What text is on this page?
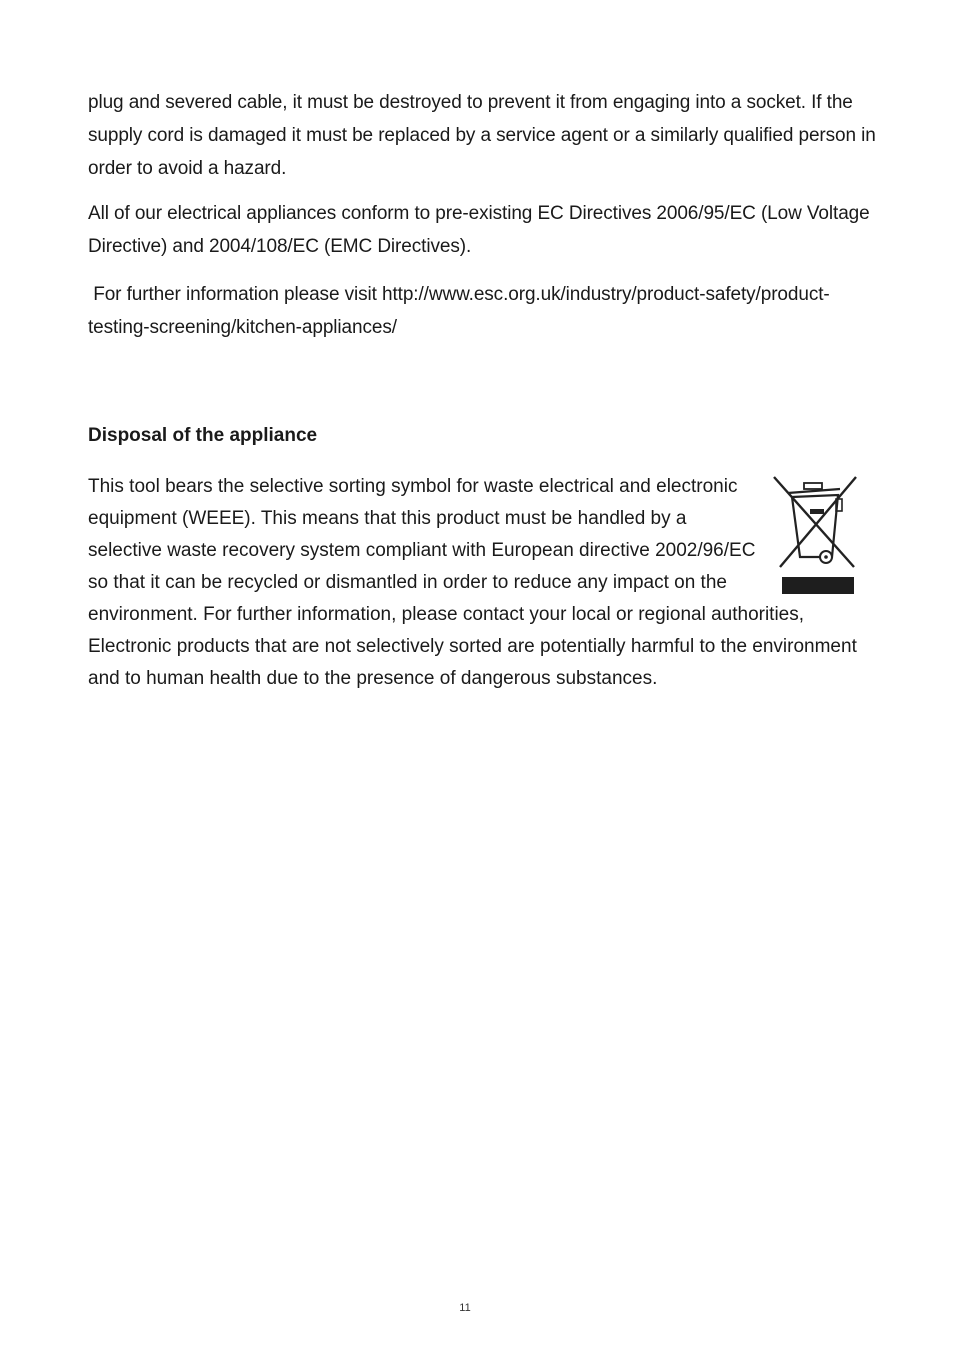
plug and severed cable, it must be destroyed to prevent it from engaging into a socket. If the supply cord is damaged it must be replaced by a service agent or a similarly qualified person in order to avoid a hazard.

All of our electrical appliances conform to pre-existing EC Directives 2006/95/EC (Low Voltage Directive) and 2004/108/EC (EMC Directives).

For further information please visit http://www.esc.org.uk/industry/product-safety/product-testing-screening/kitchen-appliances/

Disposal of the appliance
This tool bears the selective sorting symbol for waste electrical and electronic equipment (WEEE). This means that this product must be handled by a selective waste recovery system compliant with European directive 2002/96/EC so that it can be recycled or dismantled in order to reduce any impact on the environment. For further information, please contact your local or regional authorities, Electronic products that are not selectively sorted are potentially harmful to the environment and to human health due to the presence of dangerous substances.
11
